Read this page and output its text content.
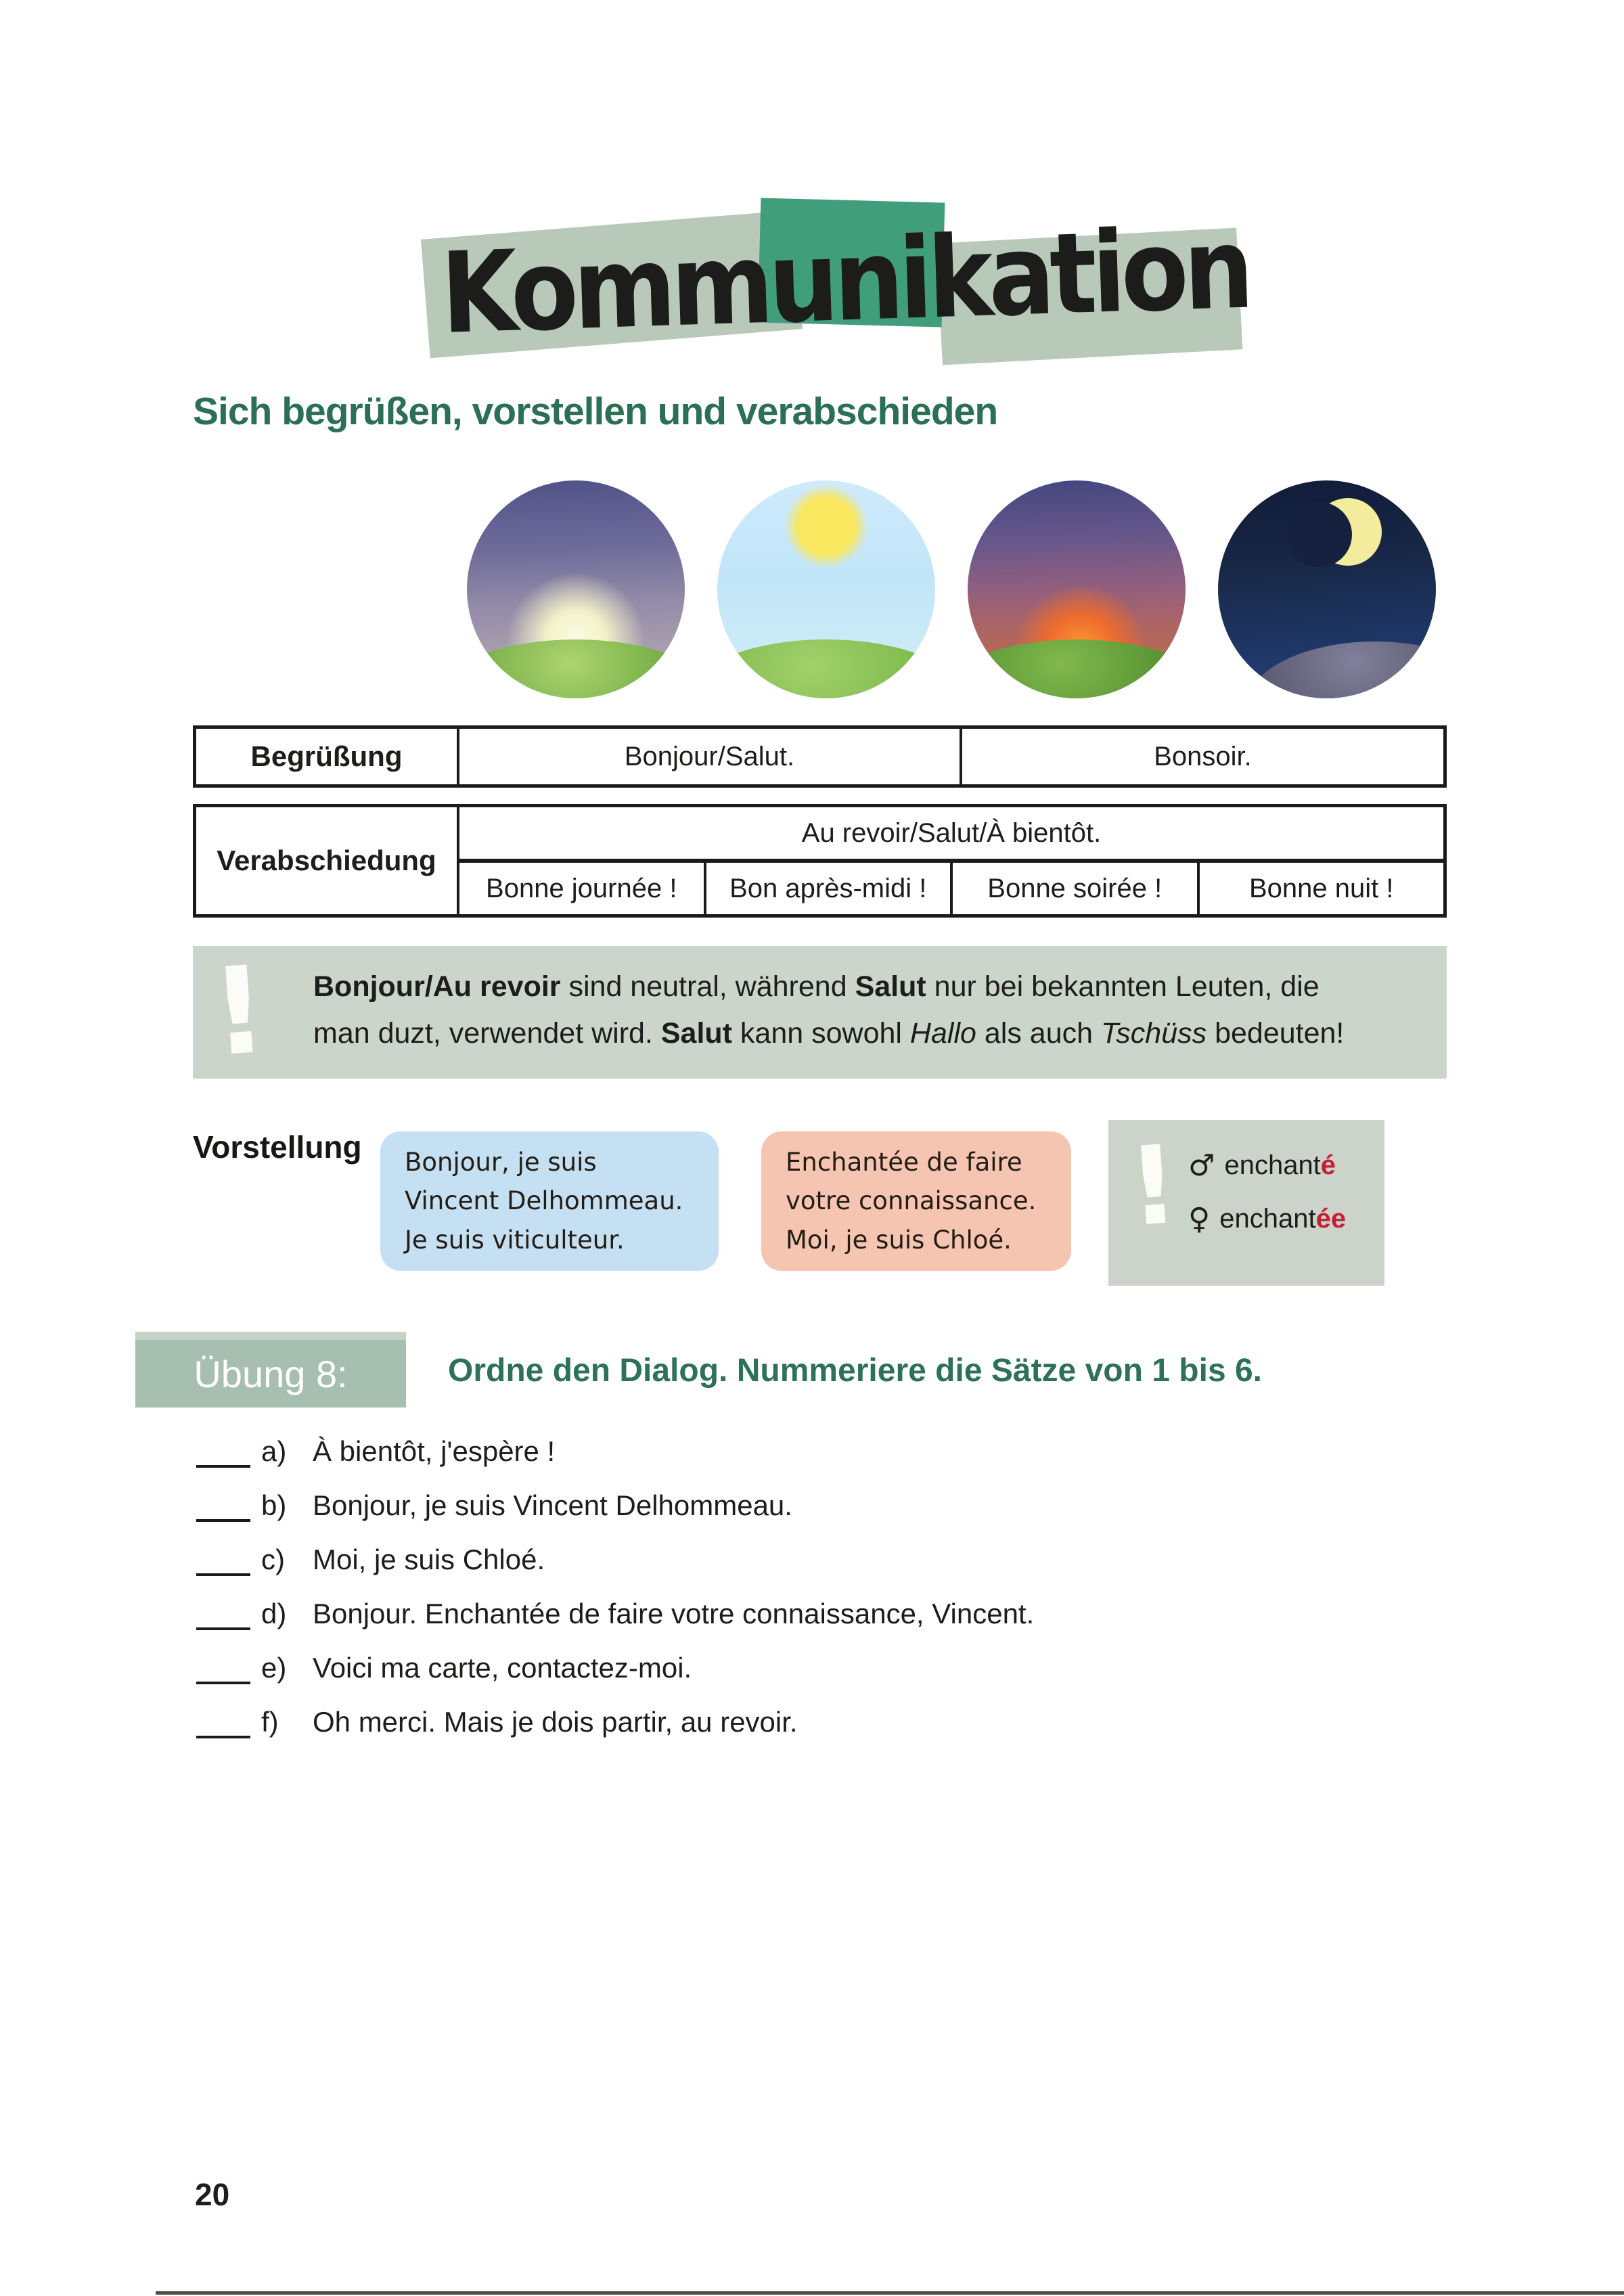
Kommunikation
Sich begrüßen, vorstellen und verabschieden
Begrüßung	Bonjour/Salut.	Bonsoir.
Verabschiedung
Au revoir/Salut/À bientôt.
Bonne journée !	Bon après-midi !	Bonne soirée !	Bonne nuit !
! Bonjour/Au revoir sind neutral, während Salut nur bei bekannten Leuten, die man duzt, verwendet wird. Salut kann sowohl Hallo als auch Tschüss bedeuten!
Vorstellung Bonjour, je suis
Vincent Delhommeau.
Je suis viticulteur.
Enchantée de faire
votre connaissance.
Moi, je suis Chloé.	! ♂ enchanté
♀ enchantée
Übung 8:	Ordne den Dialog. Nummeriere die Sätze von 1 bis 6.
a) À bientôt, j'espère !
b) Bonjour, je suis Vincent Delhommeau.
c) Moi, je suis Chloé.
d) Bonjour. Enchantée de faire votre connaissance, Vincent.
e) Voici ma carte, contactez-moi.
f)	Oh merci. Mais je dois partir, au revoir.
20
